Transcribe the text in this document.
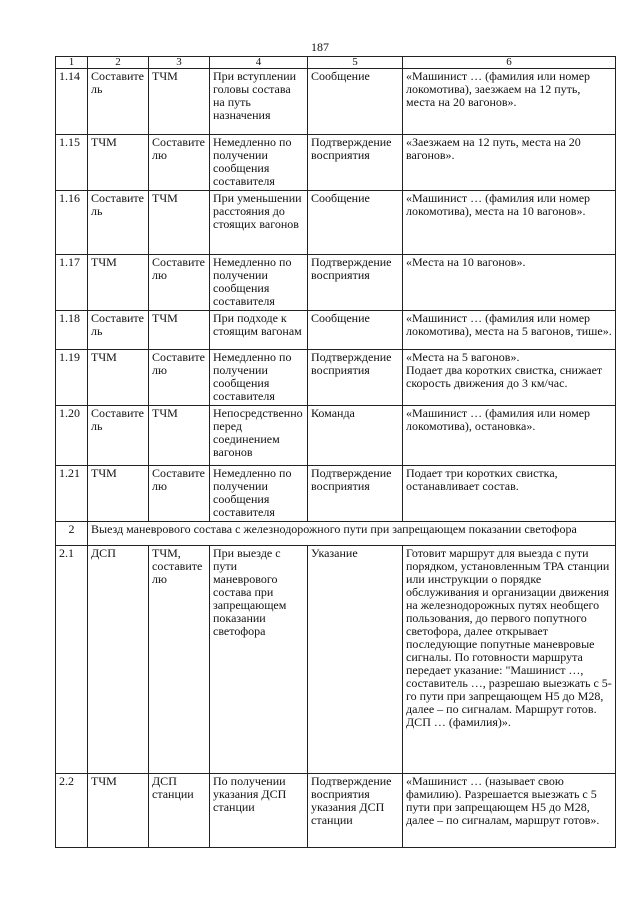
187
1	2	3	4	5	6
1.14	Составитель	ТЧМ	При вступлении головы состава на путь назначения	Сообщение	«Машинист … (фамилия или номер локомотива), заезжаем на 12 путь, места на 20 вагонов».
1.15	ТЧМ	Составителю	Немедленно по получении сообщения составителя	Подтверждение восприятия	«Заезжаем на 12 путь, места на 20 вагонов».
1.16	Составитель	ТЧМ	При уменьшении расстояния до стоящих вагонов	Сообщение	«Машинист … (фамилия или номер локомотива), места на 10 вагонов».
1.17	ТЧМ	Составителю	Немедленно по получении сообщения составителя	Подтверждение восприятия	«Места на 10 вагонов».
1.18	Составитель	ТЧМ	При подходе к стоящим вагонам	Сообщение	«Машинист … (фамилия или номер локомотива), места на 5 вагонов, тише».
1.19	ТЧМ	Составителю	Немедленно по получении сообщения составителя	Подтверждение восприятия	«Места на 5 вагонов».
Подает два коротких свистка, снижает скорость движения до 3 км/час.
1.20	Составитель	ТЧМ	Непосредственно перед соединением вагонов	Команда	«Машинист … (фамилия или номер локомотива), остановка».
1.21	ТЧМ	Составителю	Немедленно по получении сообщения составителя	Подтверждение восприятия	Подает три коротких свистка, останавливает состав.
2	Выезд маневрового состава с железнодорожного пути при запрещающем показании светофора				
2.1	ДСП	ТЧМ, составителю	При выезде с пути маневрового состава при запрещающем показании светофора	Указание	Готовит маршрут для выезда с пути порядком, установленным ТРА станции или инструкции о порядке обслуживания и организации движения на железнодорожных путях необщего пользования, до первого попутного светофора, далее открывает последующие попутные маневровые сигналы. По готовности маршрута передает указание: "Машинист …, составитель …, разрешаю выезжать с 5-го пути при запрещающем Н5 до М28, далее – по сигналам. Маршрут готов. ДСП … (фамилия)».
2.2	ТЧМ	ДСП станции	По получении указания ДСП станции	Подтверждение восприятия указания ДСП станции	«Машинист … (называет свою фамилию). Разрешается выезжать с 5 пути при запрещающем Н5 до М28, далее – по сигналам, маршрут готов».
